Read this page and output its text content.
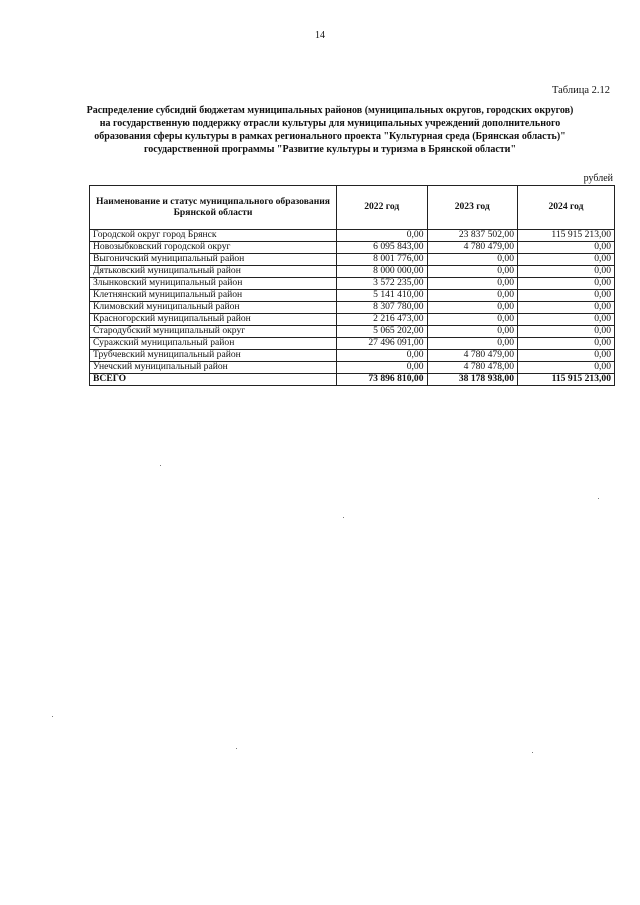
14
Таблица 2.12
Распределение субсидий бюджетам муниципальных районов (муниципальных округов, городских округов)
на государственную поддержку отрасли культуры для муниципальных учреждений дополнительного
образования сферы культуры в рамках регионального проекта "Культурная среда (Брянская область)"
государственной программы "Развитие культуры и туризма в Брянской области"
рублей
Наименование и статус муниципального образования Брянской области	2022 год	2023 год	2024 год
Городской округ город Брянск	0,00	23 837 502,00	115 915 213,00
Новозыбковский городской округ	6 095 843,00	4 780 479,00	0,00
Выгоничский муниципальный район	8 001 776,00	0,00	0,00
Дятьковский муниципальный район	8 000 000,00	0,00	0,00
Злынковский муниципальный район	3 572 235,00	0,00	0,00
Клетнянский муниципальный район	5 141 410,00	0,00	0,00
Климовский муниципальный район	8 307 780,00	0,00	0,00
Красногорский муниципальный район	2 216 473,00	0,00	0,00
Стародубский муниципальный округ	5 065 202,00	0,00	0,00
Суражский муниципальный район	27 496 091,00	0,00	0,00
Трубчевский муниципальный район	0,00	4 780 479,00	0,00
Унечский муниципальный район	0,00	4 780 478,00	0,00
ВСЕГО	73 896 810,00	38 178 938,00	115 915 213,00
